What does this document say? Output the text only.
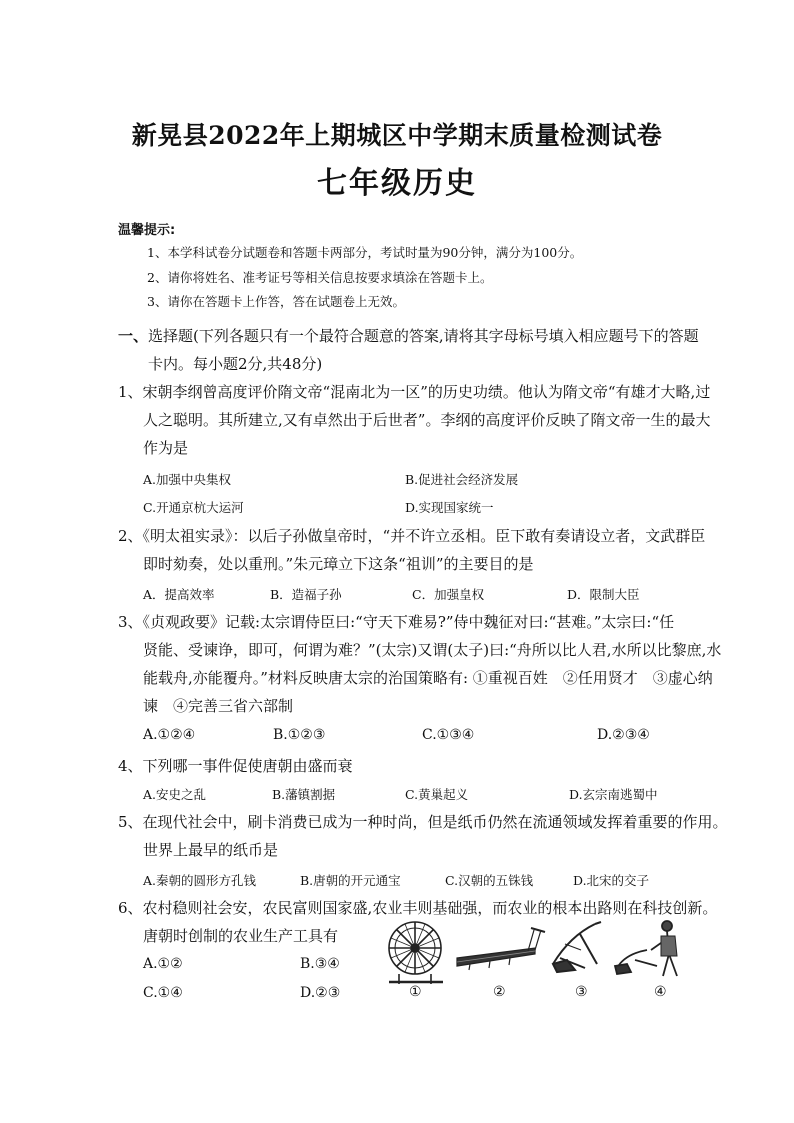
新晃县2022年上期城区中学期末质量检测试卷
七年级历史
温馨提示:
1、本学科试卷分试题卷和答题卡两部分，考试时量为90分钟，满分为100分。
2、请你将姓名、准考证号等相关信息按要求填涂在答题卡上。
3、请你在答题卡上作答，答在试题卷上无效。
一、 选择题(下列各题只有一个最符合题意的答案,请将其字母标号填入相应题号下的答题
卡内。每小题2分,共48分)
1、宋朝李纲曾高度评价隋文帝“混南北为一区”的历史功绩。他认为隋文帝“有雄才大略,过
人之聪明。其所建立,又有卓然出于后世者”。李纲的高度评价反映了隋文帝一生的最大
作为是
A.加强中央集权	B.促进社会经济发展
C.开通京杭大运河	D.实现国家统一
2、《明太祖实录》：以后子孙做皇帝时，“并不许立丞相。臣下敢有奏请设立者，文武群臣
即时劾奏，处以重刑。”朱元璋立下这条“祖训”的主要目的是
A．提高效率	B．造福子孙	C．加强皇权	D．限制大臣
3、《贞观政要》记载:太宗谓侍臣曰:“守天下难易?”侍中魏征对曰:“甚难。”太宗曰:“任
贤能、受谏诤，即可，何谓为难？”(太宗)又谓(太子)曰:“舟所以比人君,水所以比黎庶,水
能载舟,亦能覆舟。”材料反映唐太宗的治国策略有: ①重视百姓　②任用贤才　③虚心纳
谏　④完善三省六部制
A.①②④	B.①②③	C.①③④	D.②③④
4、下列哪一事件促使唐朝由盛而衰
A.安史之乱	B.藩镇割据	C.黄巢起义	D.玄宗南逃蜀中
5、在现代社会中，刷卡消费已成为一种时尚，但是纸币仍然在流通领域发挥着重要的作用。
世界上最早的纸币是
A.秦朝的圆形方孔钱	B.唐朝的开元通宝	C.汉朝的五铢钱	D.北宋的交子
6、农村稳则社会安，农民富则国家盛,农业丰则基础强，而农业的根本出路则在科技创新。
唐朝时创制的农业生产工具有
A.①②	B.③④
C.①④	D.②③	①	②	③	④
